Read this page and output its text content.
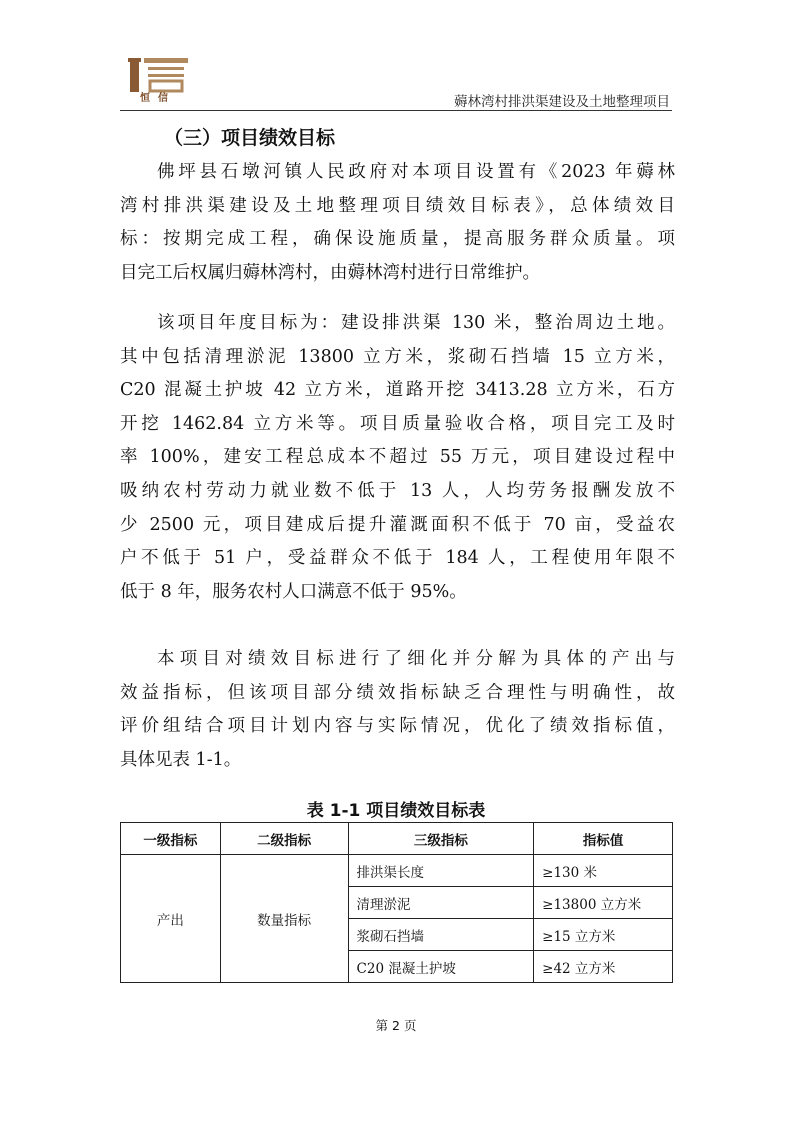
恒信	薅林湾村排洪渠建设及土地整理项目
（三）项目绩效目标
佛坪县石墩河镇人民政府对本项目设置有《2023 年薅林
湾村排洪渠建设及土地整理项目绩效目标表》，总体绩效目
标：按期完成工程，确保设施质量，提高服务群众质量。项
目完工后权属归薅林湾村，由薅林湾村进行日常维护。
该项目年度目标为：建设排洪渠 130 米，整治周边土地。
其中包括清理淤泥 13800 立方米，浆砌石挡墙 15 立方米，
C20 混凝土护坡 42 立方米，道路开挖 3413.28 立方米，石方
开挖 1462.84 立方米等。项目质量验收合格，项目完工及时
率 100%，建安工程总成本不超过 55 万元，项目建设过程中
吸纳农村劳动力就业数不低于 13 人，人均劳务报酬发放不
少 2500 元，项目建成后提升灌溉面积不低于 70 亩，受益农
户不低于 51 户，受益群众不低于 184 人，工程使用年限不
低于 8 年，服务农村人口满意不低于 95%。
本项目对绩效目标进行了细化并分解为具体的产出与
效益指标，但该项目部分绩效指标缺乏合理性与明确性，故
评价组结合项目计划内容与实际情况，优化了绩效指标值，
具体见表 1-1。
表 1-1 项目绩效目标表
一级指标	二级指标	三级指标	指标值
产出	数量指标	排洪渠长度	≥130 米
		清理淤泥	≥13800 立方米
		浆砌石挡墙	≥15 立方米
		C20 混凝土护坡	≥42 立方米
第 2 页
